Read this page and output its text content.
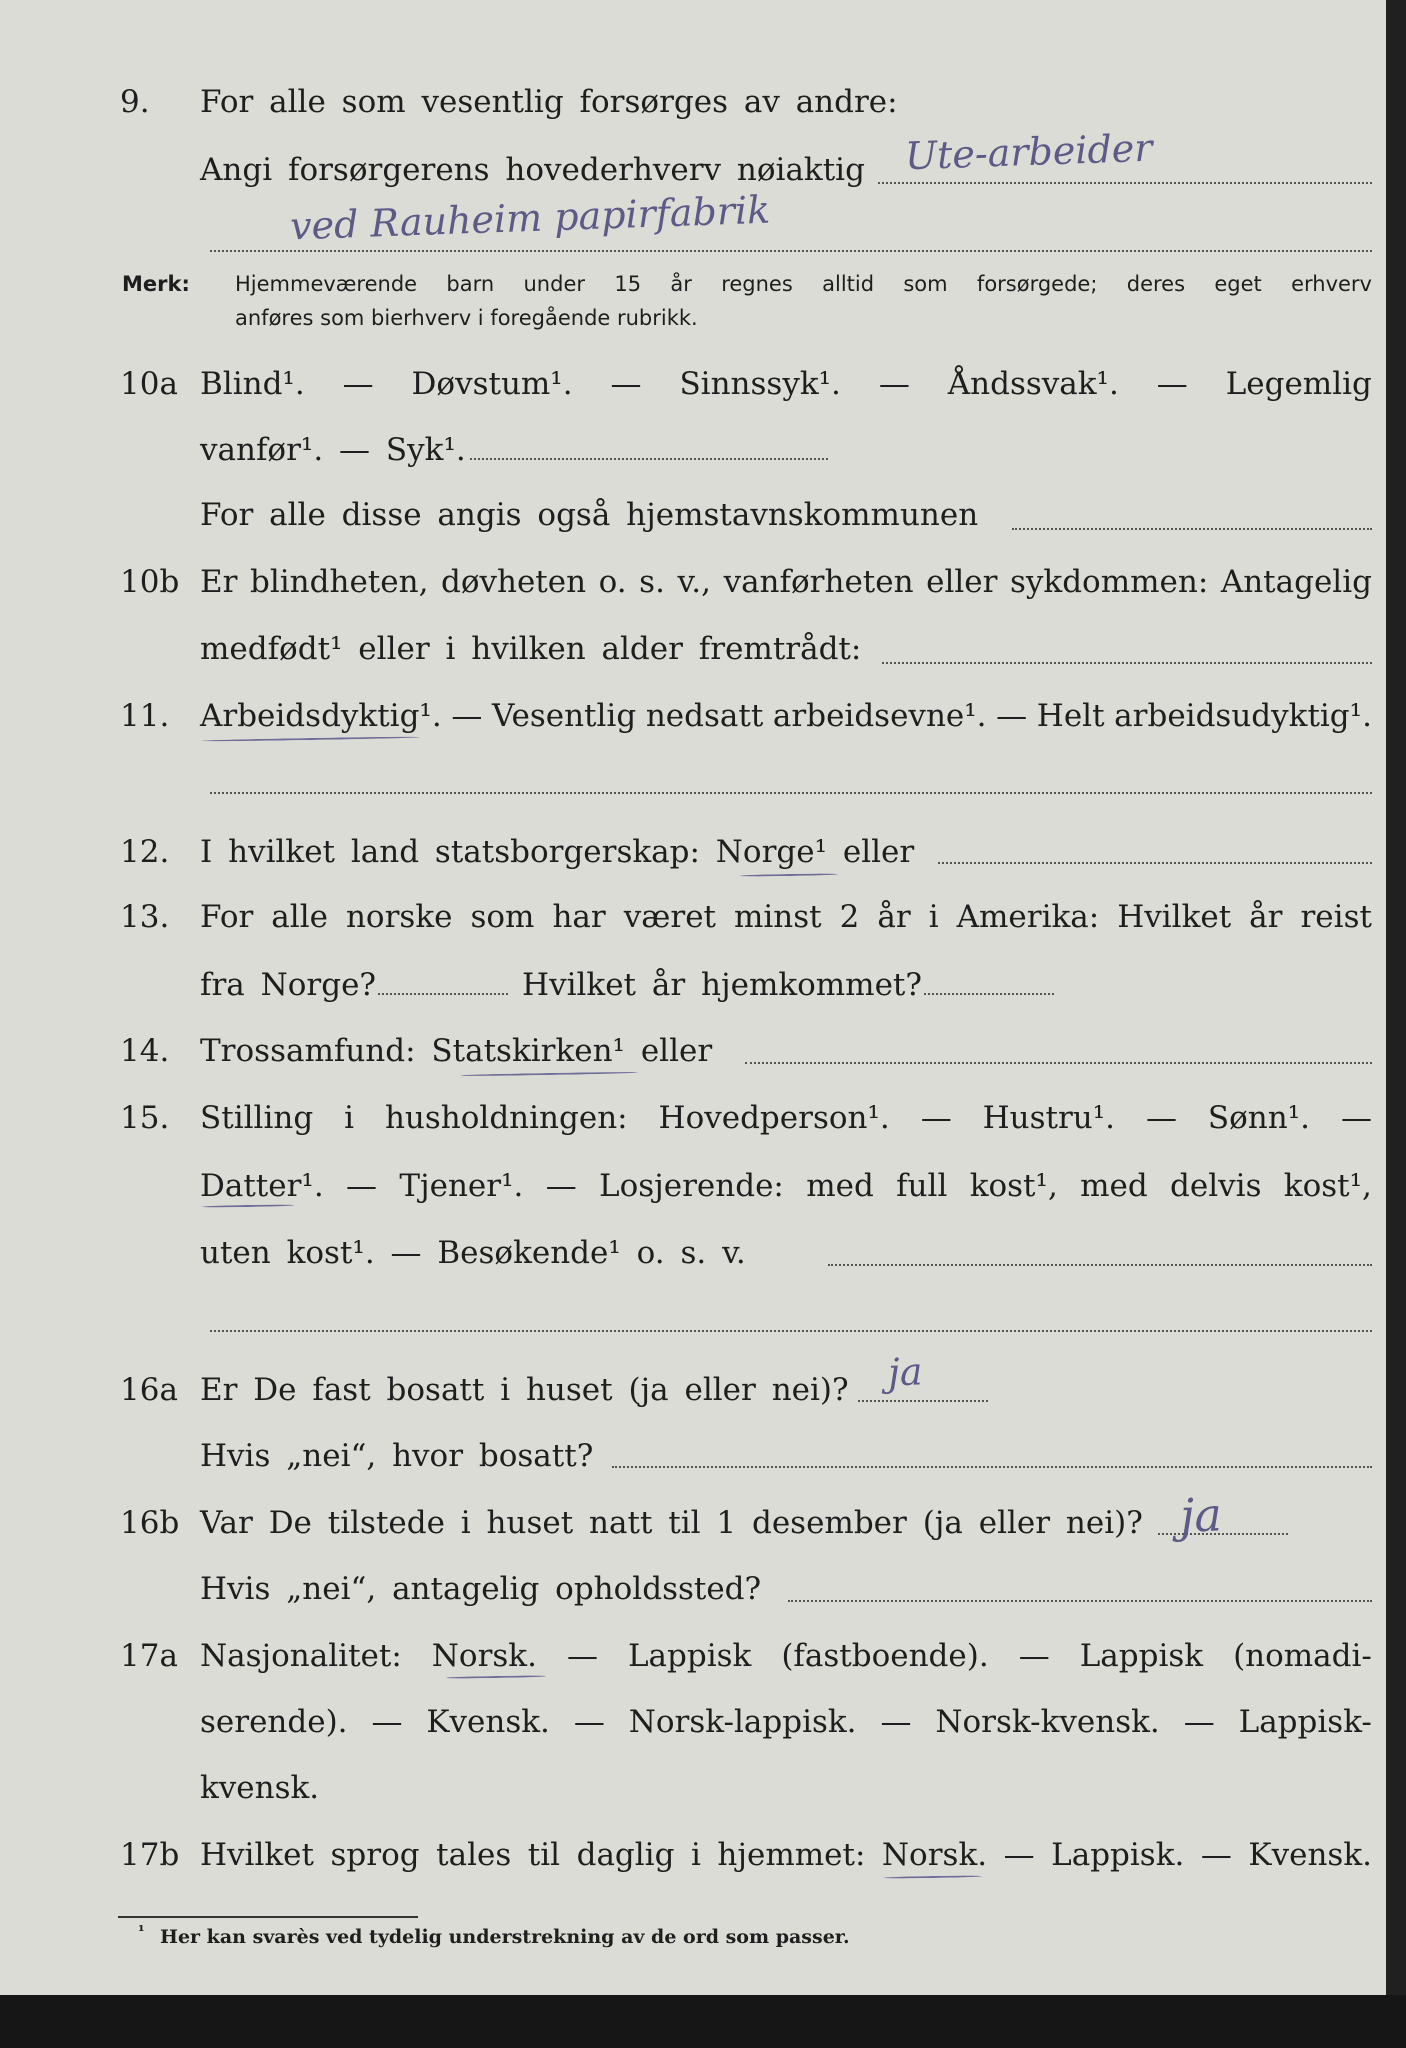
9.	For alle som vesentlig forsørges av andre:
Angi forsørgerens hovederhverv nøiaktig	Ute-arbeider
ved Rauheim papirfabrik
Merk: Hjemmeværende barn under 15 år regnes alltid som forsørgede; deres eget erhverv
anføres som bierhverv i foregående rubrikk.
10a Blind¹. — Døvstum¹. — Sinnssyk¹. — Åndssvak¹. — Legemlig
vanfør¹. — Syk¹.
For alle disse angis også hjemstavnskommunen
10b Er blindheten, døvheten o. s. v., vanførheten eller sykdommen: Antagelig
medfødt¹ eller i hvilken alder fremtrådt:
11. Arbeidsdyktig¹. — Vesentlig nedsatt arbeidsevne¹. — Helt arbeidsudyktig¹.
12. I hvilket land statsborgerskap: Norge¹ eller
13. For alle norske som har været minst 2 år i Amerika: Hvilket år reist
fra Norge?	Hvilket år hjemkommet?
14. Trossamfund: Statskirken¹ eller
15. Stilling i husholdningen: Hovedperson¹. — Hustru¹. — Sønn¹. —
Datter¹. — Tjener¹. — Losjerende: med full kost¹, med delvis kost¹,
uten kost¹. — Besøkende¹ o. s. v.
16a Er De fast bosatt i huset (ja eller nei)?	ja
Hvis „nei“, hvor bosatt?
16b Var De tilstede i huset natt til 1 desember (ja eller nei)? ja
Hvis „nei“, antagelig opholdssted?
17a Nasjonalitet: Norsk. — Lappisk (fastboende). — Lappisk (nomadi-
serende). — Kvensk. — Norsk-lappisk. — Norsk-kvensk. — Lappisk-
kvensk.
17b Hvilket sprog tales til daglig i hjemmet: Norsk. — Lappisk. — Kvensk.
¹ Her kan svarès ved tydelig understrekning av de ord som passer.
